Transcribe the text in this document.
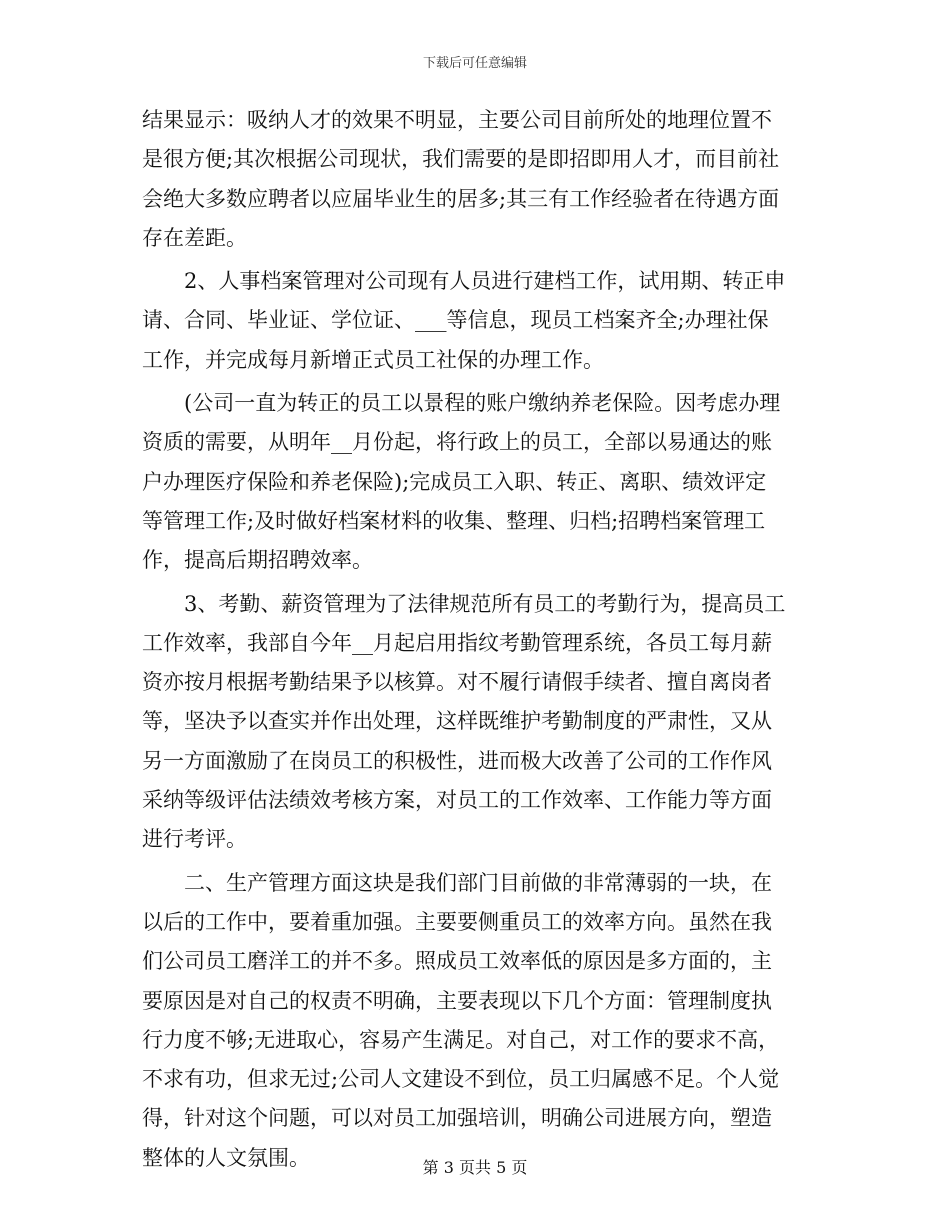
下载后可任意编辑
结果显示：吸纳人才的效果不明显，主要公司目前所处的地理位置不
是很方便;其次根据公司现状，我们需要的是即招即用人才，而目前社
会绝大多数应聘者以应届毕业生的居多;其三有工作经验者在待遇方面
存在差距。
2、人事档案管理对公司现有人员进行建档工作，试用期、转正申
请、合同、毕业证、学位证、___等信息，现员工档案齐全;办理社保
工作，并完成每月新增正式员工社保的办理工作。
(公司一直为转正的员工以景程的账户缴纳养老保险。因考虑办理
资质的需要，从明年__月份起，将行政上的员工，全部以易通达的账
户办理医疗保险和养老保险);完成员工入职、转正、离职、绩效评定
等管理工作;及时做好档案材料的收集、整理、归档;招聘档案管理工
作，提高后期招聘效率。
3、考勤、薪资管理为了法律规范所有员工的考勤行为，提高员工
工作效率，我部自今年__月起启用指纹考勤管理系统，各员工每月薪
资亦按月根据考勤结果予以核算。对不履行请假手续者、擅自离岗者
等，坚决予以查实并作出处理，这样既维护考勤制度的严肃性，又从
另一方面激励了在岗员工的积极性，进而极大改善了公司的工作作风
采纳等级评估法绩效考核方案，对员工的工作效率、工作能力等方面
进行考评。
二、生产管理方面这块是我们部门目前做的非常薄弱的一块，在
以后的工作中，要着重加强。主要要侧重员工的效率方向。虽然在我
们公司员工磨洋工的并不多。照成员工效率低的原因是多方面的，主
要原因是对自己的权责不明确，主要表现以下几个方面：管理制度执
行力度不够;无进取心，容易产生满足。对自己，对工作的要求不高，
不求有功，但求无过;公司人文建设不到位，员工归属感不足。个人觉
得，针对这个问题，可以对员工加强培训，明确公司进展方向，塑造
整体的人文氛围。	第 3 页共 5 页
